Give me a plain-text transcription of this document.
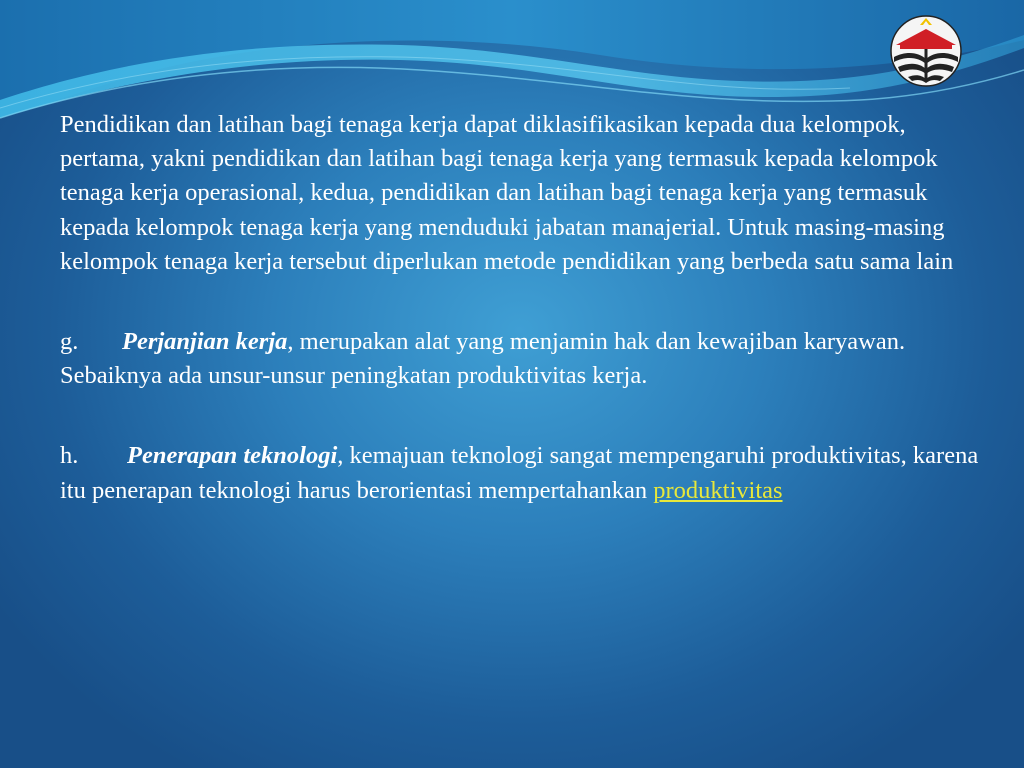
Pendidikan dan latihan bagi tenaga kerja dapat diklasifikasikan kepada dua kelompok, pertama, yakni pendidikan dan latihan bagi tenaga kerja yang termasuk kepada kelompok tenaga kerja operasional, kedua, pendidikan dan latihan bagi tenaga kerja yang termasuk kepada kelompok tenaga kerja yang menduduki jabatan manajerial. Untuk masing-masing kelompok tenaga kerja tersebut diperlukan metode pendidikan yang berbeda satu sama lain

g. Perjanjian kerja, merupakan alat yang menjamin hak dan kewajiban karyawan. Sebaiknya ada unsur-unsur peningkatan produktivitas kerja.

h. Penerapan teknologi, kemajuan teknologi sangat mempengaruhi produktivitas, karena itu penerapan teknologi harus berorientasi mempertahankan produktivitas
